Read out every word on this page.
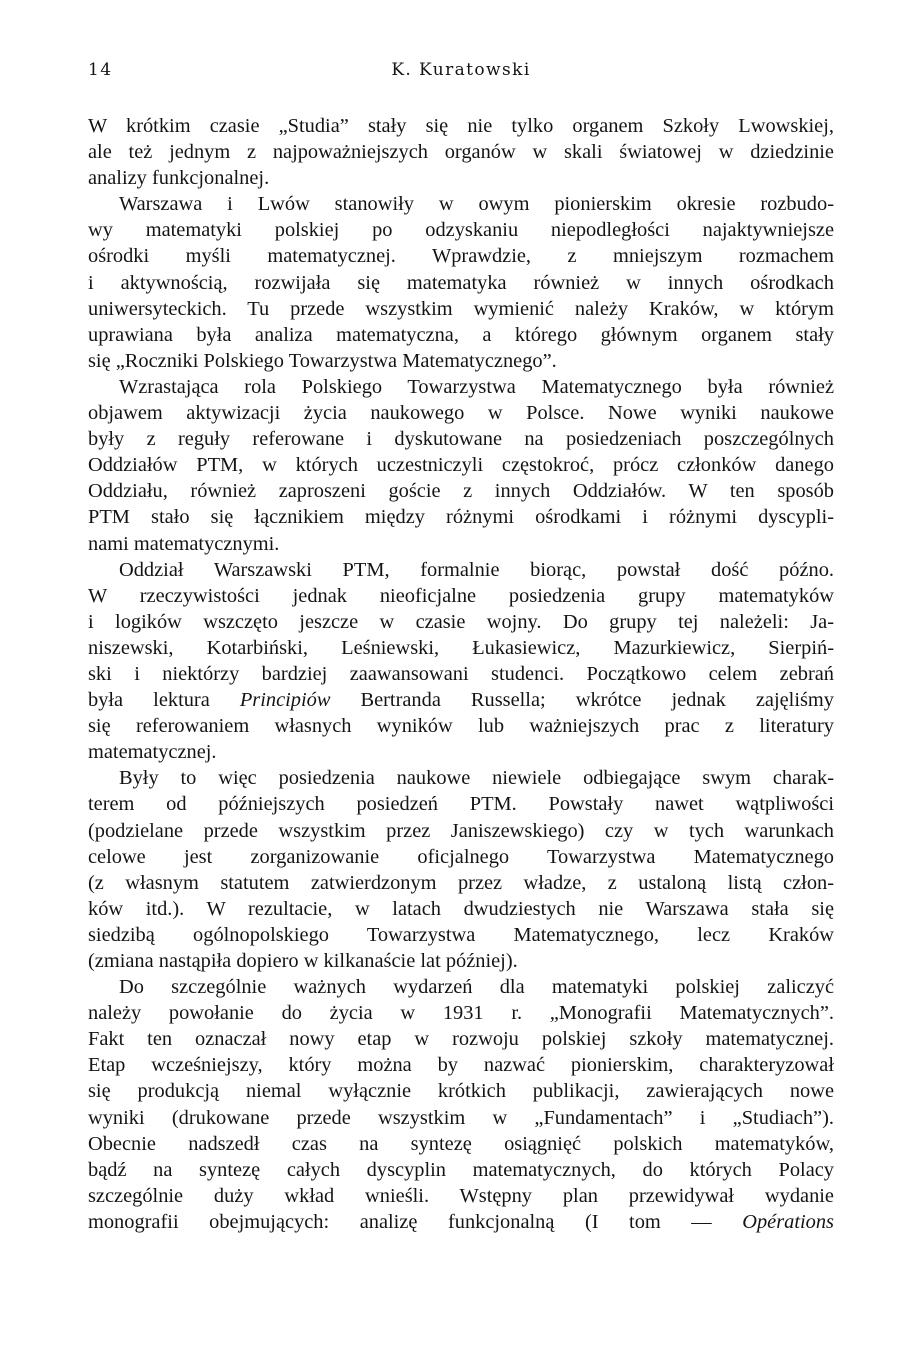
14	K. Kuratowski
W krótkim czasie „Studia” stały się nie tylko organem Szkoły Lwowskiej,
ale też jednym z najpoważniejszych organów w skali światowej w dziedzinie
analizy funkcjonalnej.
Warszawa i Lwów stanowiły w owym pionierskim okresie rozbudo-
wy matematyki polskiej po odzyskaniu niepodległości najaktywniejsze
ośrodki myśli matematycznej. Wprawdzie, z mniejszym rozmachem
i aktywnością, rozwijała się matematyka również w innych ośrodkach
uniwersyteckich. Tu przede wszystkim wymienić należy Kraków, w którym
uprawiana była analiza matematyczna, a którego głównym organem stały
się „Roczniki Polskiego Towarzystwa Matematycznego”.
Wzrastająca rola Polskiego Towarzystwa Matematycznego była również
objawem aktywizacji życia naukowego w Polsce. Nowe wyniki naukowe
były z reguły referowane i dyskutowane na posiedzeniach poszczególnych
Oddziałów PTM, w których uczestniczyli częstokroć, prócz członków danego
Oddziału, również zaproszeni goście z innych Oddziałów. W ten sposób
PTM stało się łącznikiem między różnymi ośrodkami i różnymi dyscypli-
nami matematycznymi.
Oddział Warszawski PTM, formalnie biorąc, powstał dość późno.
W rzeczywistości jednak nieoficjalne posiedzenia grupy matematyków
i logików wszczęto jeszcze w czasie wojny. Do grupy tej należeli: Ja-
niszewski, Kotarbiński, Leśniewski, Łukasiewicz, Mazurkiewicz, Sierpiń-
ski i niektórzy bardziej zaawansowani studenci. Początkowo celem zebrań
była lektura Principiów Bertranda Russella; wkrótce jednak zajęliśmy
się referowaniem własnych wyników lub ważniejszych prac z literatury
matematycznej.
Były to więc posiedzenia naukowe niewiele odbiegające swym charak-
terem od późniejszych posiedzeń PTM. Powstały nawet wątpliwości
(podzielane przede wszystkim przez Janiszewskiego) czy w tych warunkach
celowe jest zorganizowanie oficjalnego Towarzystwa Matematycznego
(z własnym statutem zatwierdzonym przez władze, z ustaloną listą człon-
ków itd.). W rezultacie, w latach dwudziestych nie Warszawa stała się
siedzibą ogólnopolskiego Towarzystwa Matematycznego, lecz Kraków
(zmiana nastąpiła dopiero w kilkanaście lat później).
Do szczególnie ważnych wydarzeń dla matematyki polskiej zaliczyć
należy powołanie do życia w 1931 r. „Monografii Matematycznych”.
Fakt ten oznaczał nowy etap w rozwoju polskiej szkoły matematycznej.
Etap wcześniejszy, który można by nazwać pionierskim, charakteryzował
się produkcją niemal wyłącznie krótkich publikacji, zawierających nowe
wyniki (drukowane przede wszystkim w „Fundamentach” i „Studiach”).
Obecnie nadszedł czas na syntezę osiągnięć polskich matematyków,
bądź na syntezę całych dyscyplin matematycznych, do których Polacy
szczególnie duży wkład wnieśli. Wstępny plan przewidywał wydanie
monografii obejmujących: analizę funkcjonalną (I tom — Opérations
